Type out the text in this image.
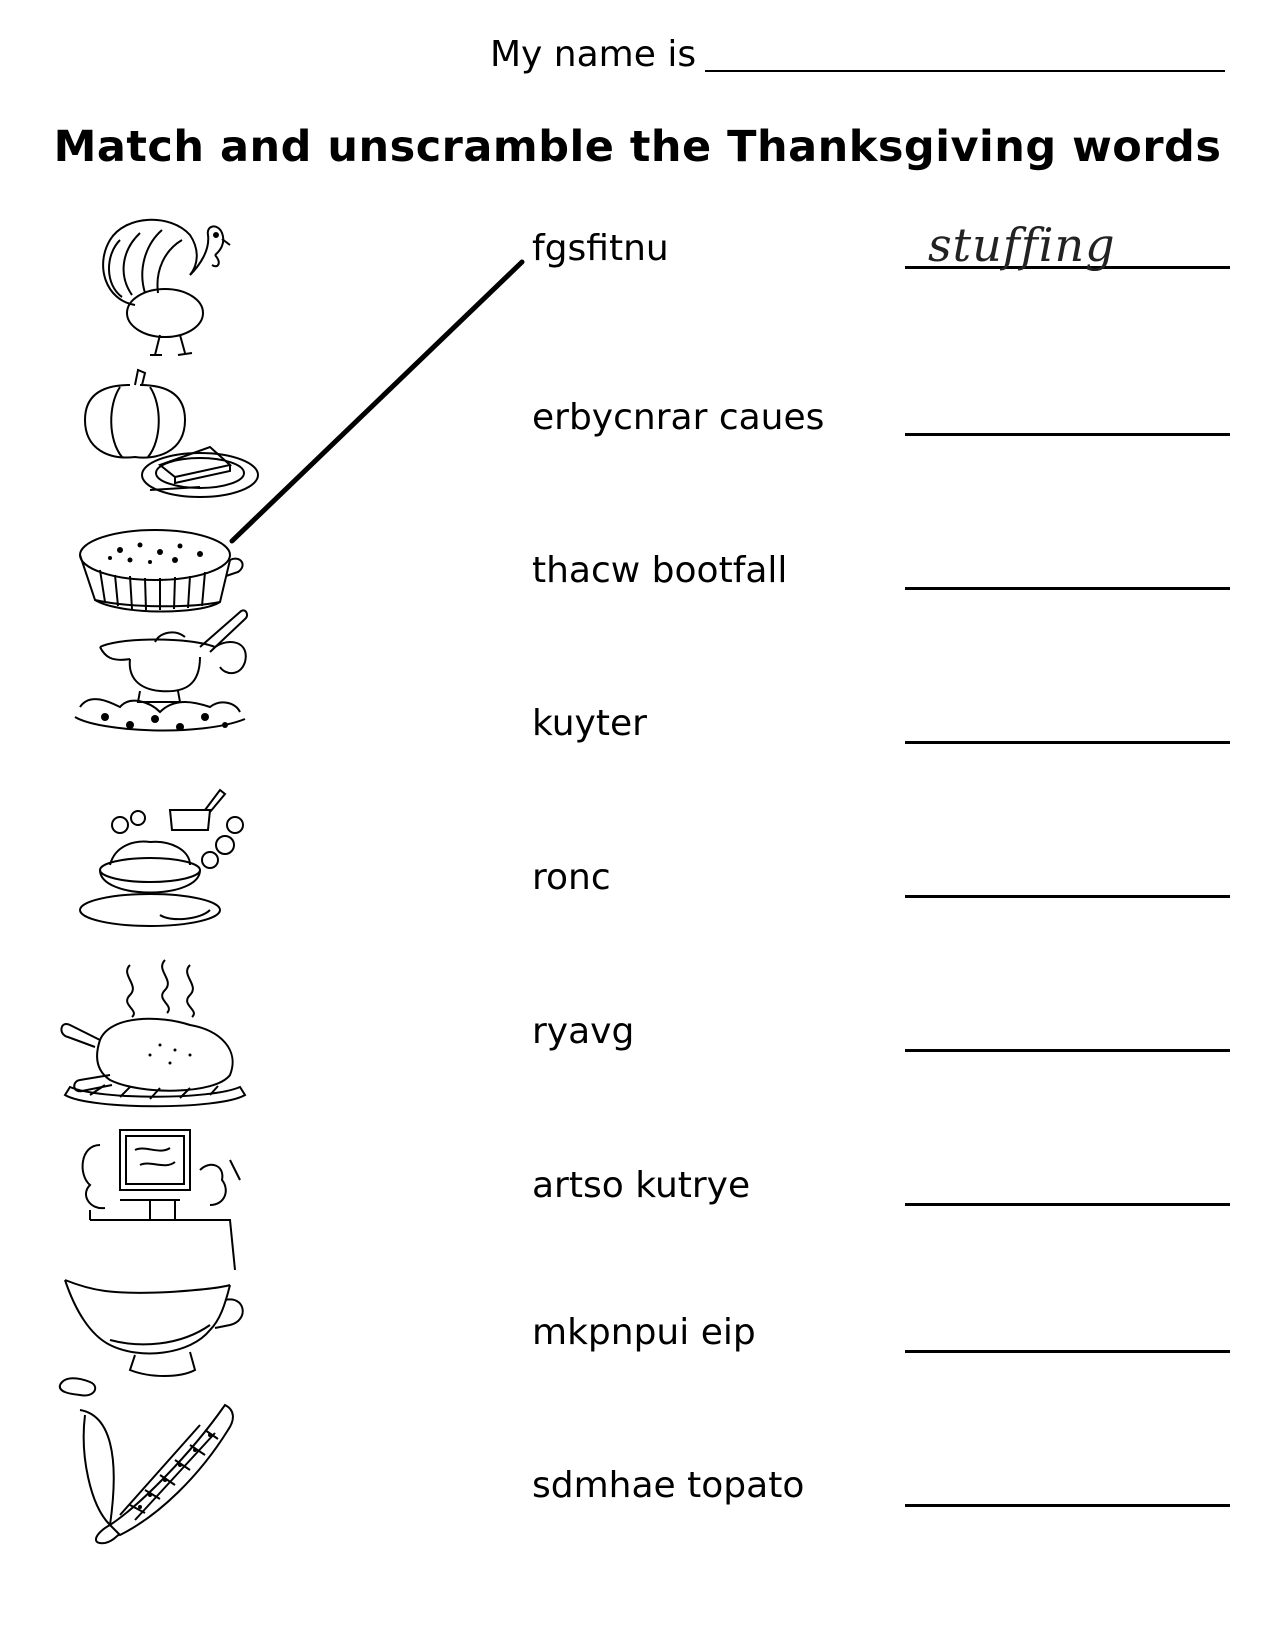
My name is
Match and unscramble the Thanksgiving words
fgsfitnu	stuffing
erbycnrar caues
thacw bootfall
kuyter
ronc
ryavg
artso kutrye
mkpnpui eip
sdmhae topato
